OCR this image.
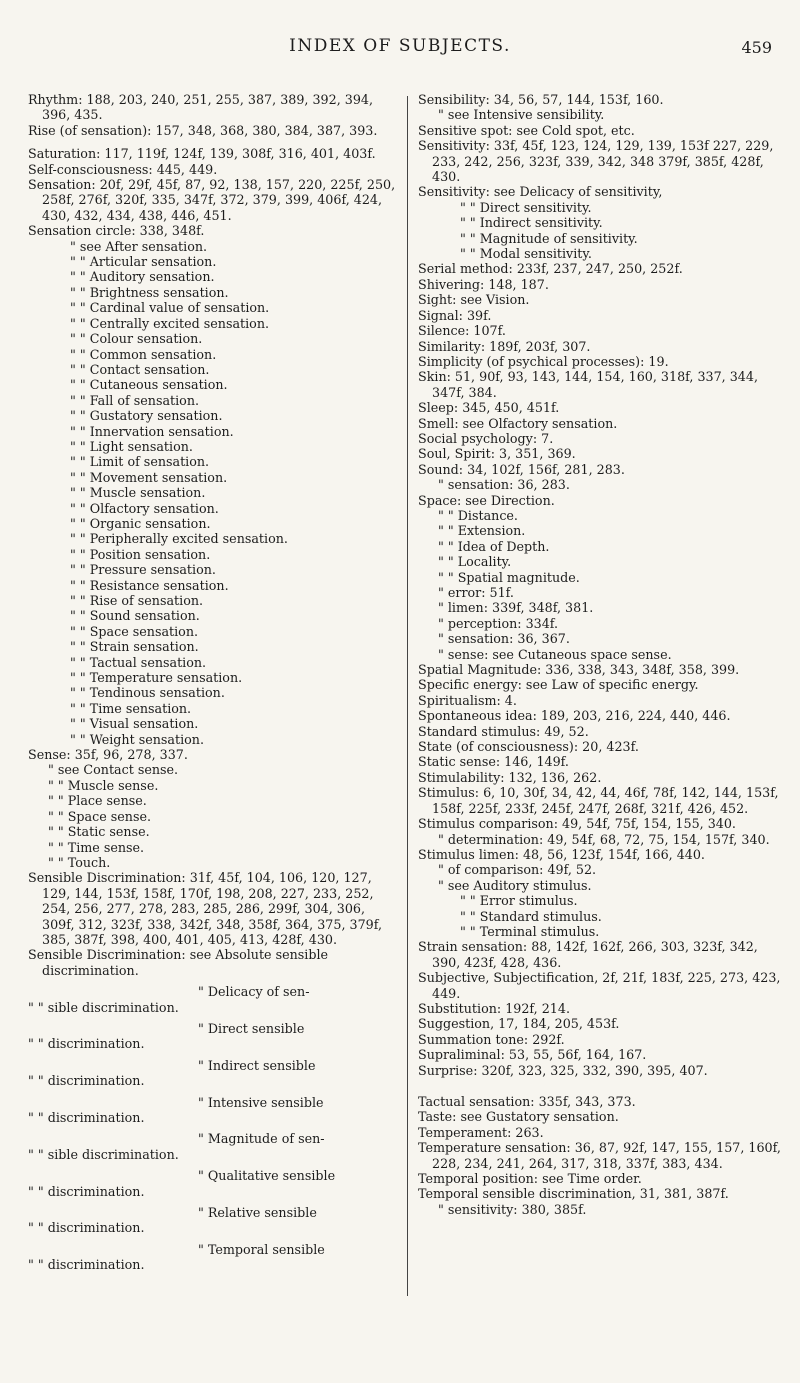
INDEX OF SUBJECTS.	459

Rhythm: 188, 203, 240, 251, 255, 387, 389, 392, 394, 396, 435.

Rise (of sensation): 157, 348, 368, 380, 384, 387, 393.

Saturation: 117, 119f, 124f, 139, 308f, 316, 401, 403f.

Self-consciousness: 445, 449.

Sensation: 20f, 29f, 45f, 87, 92, 138, 157, 220, 225f, 250, 258f, 276f, 320f, 335, 347f, 372, 379, 399, 406f, 424, 430, 432, 434, 438, 446, 451.

Sensation circle: 338, 348f.

" see After sensation.

" " Articular sensation.

" " Auditory sensation.

" " Brightness sensation.

" " Cardinal value of sensation.

" " Centrally excited sensation.

" " Colour sensation.

" " Common sensation.

" " Contact sensation.

" " Cutaneous sensation.

" " Fall of sensation.

" " Gustatory sensation.

" " Innervation sensation.

" " Light sensation.

" " Limit of sensation.

" " Movement sensation.

" " Muscle sensation.

" " Olfactory sensation.

" " Organic sensation.

" " Peripherally excited sensation.

" " Position sensation.

" " Pressure sensation.

" " Resistance sensation.

" " Rise of sensation.

" " Sound sensation.

" " Space sensation.

" " Strain sensation.

" " Tactual sensation.

" " Temperature sensation.

" " Tendinous sensation.

" " Time sensation.

" " Visual sensation.

" " Weight sensation.

Sense: 35f, 96, 278, 337.

" see Contact sense.

" " Muscle sense.

" " Place sense.

" " Space sense.

" " Static sense.

" " Time sense.

" " Touch.

Sensible Discrimination: 31f, 45f, 104, 106, 120, 127, 129, 144, 153f, 158f, 170f, 198, 208, 227, 233, 252, 254, 256, 277, 278, 283, 285, 286, 299f, 304, 306, 309f, 312, 323f, 338, 342f, 348, 358f, 364, 375, 379f, 385, 387f, 398, 400, 401, 405, 413, 428f, 430.

Sensible Discrimination: see Absolute sensible discrimination.

" Delicacy of sen-
" " sible discrimination.
" Direct sensible
" " discrimination.
" Indirect sensible
" " discrimination.
" Intensive sensible
" " discrimination.
" Magnitude of sen-
" " sible discrimination.
" Qualitative sensible
" " discrimination.
" Relative sensible
" " discrimination.
" Temporal sensible
" " discrimination.

Sensibility: 34, 56, 57, 144, 153f, 160.

" see Intensive sensibility.

Sensitive spot: see Cold spot, etc.

Sensitivity: 33f, 45f, 123, 124, 129, 139, 153f 227, 229, 233, 242, 256, 323f, 339, 342, 348 379f, 385f, 428f, 430.

Sensitivity: see Delicacy of sensitivity,

" " Direct sensitivity.

" " Indirect sensitivity.

" " Magnitude of sensitivity.

" " Modal sensitivity.

Serial method: 233f, 237, 247, 250, 252f.

Shivering: 148, 187.

Sight: see Vision.

Signal: 39f.

Silence: 107f.

Similarity: 189f, 203f, 307.

Simplicity (of psychical processes): 19.

Skin: 51, 90f, 93, 143, 144, 154, 160, 318f, 337, 344, 347f, 384.

Sleep: 345, 450, 451f.

Smell: see Olfactory sensation.

Social psychology: 7.

Soul, Spirit: 3, 351, 369.

Sound: 34, 102f, 156f, 281, 283.

" sensation: 36, 283.

Space: see Direction.

" " Distance.

" " Extension.

" " Idea of Depth.

" " Locality.

" " Spatial magnitude.

" error: 51f.

" limen: 339f, 348f, 381.

" perception: 334f.

" sensation: 36, 367.

" sense: see Cutaneous space sense.

Spatial Magnitude: 336, 338, 343, 348f, 358, 399.

Specific energy: see Law of specific energy.

Spiritualism: 4.

Spontaneous idea: 189, 203, 216, 224, 440, 446.

Standard stimulus: 49, 52.

State (of consciousness): 20, 423f.

Static sense: 146, 149f.

Stimulability: 132, 136, 262.

Stimulus: 6, 10, 30f, 34, 42, 44, 46f, 78f, 142, 144, 153f, 158f, 225f, 233f, 245f, 247f, 268f, 321f, 426, 452.

Stimulus comparison: 49, 54f, 75f, 154, 155, 340.

" determination: 49, 54f, 68, 72, 75, 154, 157f, 340.

Stimulus limen: 48, 56, 123f, 154f, 166, 440.

" of comparison: 49f, 52.

" see Auditory stimulus.

" " Error stimulus.

" " Standard stimulus.

" " Terminal stimulus.

Strain sensation: 88, 142f, 162f, 266, 303, 323f, 342, 390, 423f, 428, 436.

Subjective, Subjectification, 2f, 21f, 183f, 225, 273, 423, 449.

Substitution: 192f, 214.

Suggestion, 17, 184, 205, 453f.

Summation tone: 292f.

Supraliminal: 53, 55, 56f, 164, 167.

Surprise: 320f, 323, 325, 332, 390, 395, 407.

Tactual sensation: 335f, 343, 373.

Taste: see Gustatory sensation.

Temperament: 263.

Temperature sensation: 36, 87, 92f, 147, 155, 157, 160f, 228, 234, 241, 264, 317, 318, 337f, 383, 434.

Temporal position: see Time order.

Temporal sensible discrimination, 31, 381, 387f.

" sensitivity: 380, 385f.
